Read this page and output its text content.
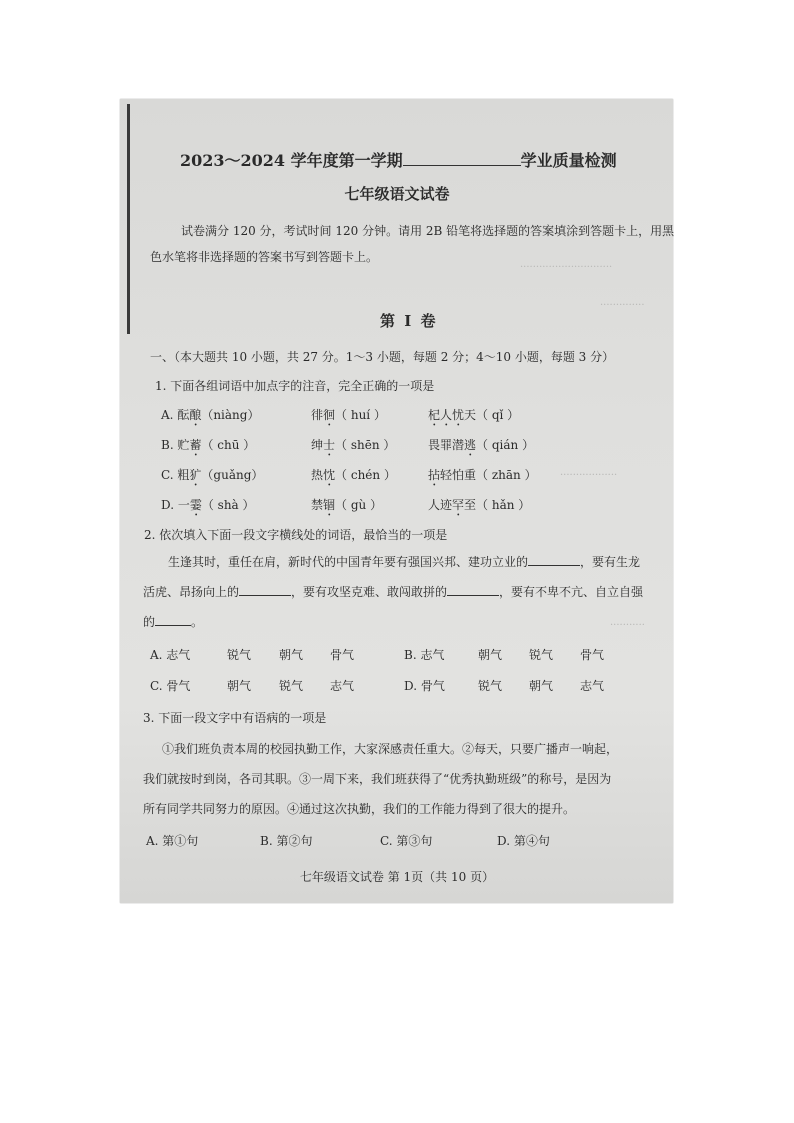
·····························
··············
··················
···········
2023～2024 学年度第一学期	学业质量检测
七年级语文试卷
试卷满分 120 分，考试时间 120 分钟。请用 2B 铅笔将选择题的答案填涂到答题卡上，用黑
色水笔将非选择题的答案书写到答题卡上。
第 Ⅰ 卷
一、（本大题共 10 小题，共 27 分。1～3 小题，每题 2 分；4～10 小题，每题 3 分）
1. 下面各组词语中加点字的注音，完全正确的一项是
A. 酝酿（niàng）	徘徊（ huí ）	杞人忧天（ qǐ ）
B. 贮蓄（ chū ）	绅士（ shēn ）	畏罪潜逃（ qián ）
C. 粗犷（guǎng）	热忱（ chén ）	拈轻怕重（ zhān ）
D. 一霎（ shà ）	禁锢（ gù ）	人迹罕至（ hǎn ）
2. 依次填入下面一段文字横线处的词语，最恰当的一项是
生逢其时，重任在肩，新时代的中国青年要有强国兴邦、建功立业的	，要有生龙
活虎、昂扬向上的	，要有攻坚克难、敢闯敢拼的	，要有不卑不亢、自立自强
的	。
A. 志气	锐气 朝气 骨气	B. 志气	朝气 锐气 骨气
C. 骨气	朝气 锐气 志气	D. 骨气	锐气 朝气 志气
3. 下面一段文字中有语病的一项是
①我们班负责本周的校园执勤工作，大家深感责任重大。②每天，只要广播声一响起，
我们就按时到岗，各司其职。③一周下来，我们班获得了“优秀执勤班级”的称号，是因为
所有同学共同努力的原因。④通过这次执勤，我们的工作能力得到了很大的提升。
A. 第①句	B. 第②句	C. 第③句	D. 第④句
七年级语文试卷 第 1页（共 10 页）
